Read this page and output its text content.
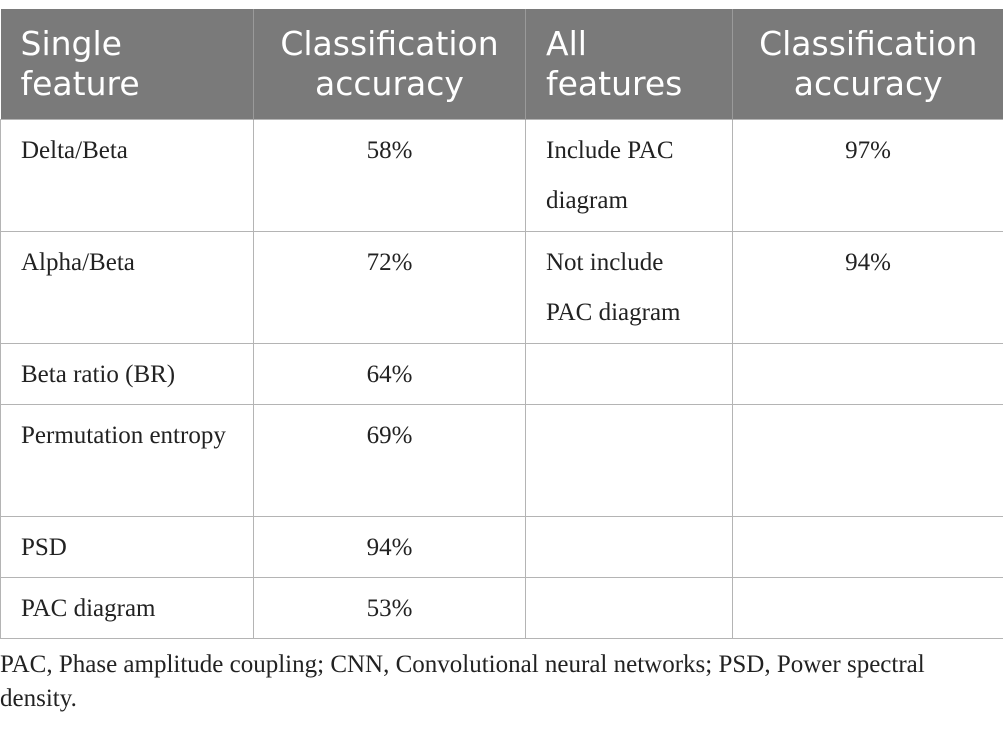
Single feature	Classification accuracy	All features	Classification accuracy
Delta/Beta	58%	Include PAC diagram	97%
Alpha/Beta	72%	Not include PAC diagram	94%
Beta ratio (BR)	64%		
Permutation entropy	69%		
PSD	94%		
PAC diagram	53%		
PAC, Phase amplitude coupling; CNN, Convolutional neural networks; PSD, Power spectral density.
